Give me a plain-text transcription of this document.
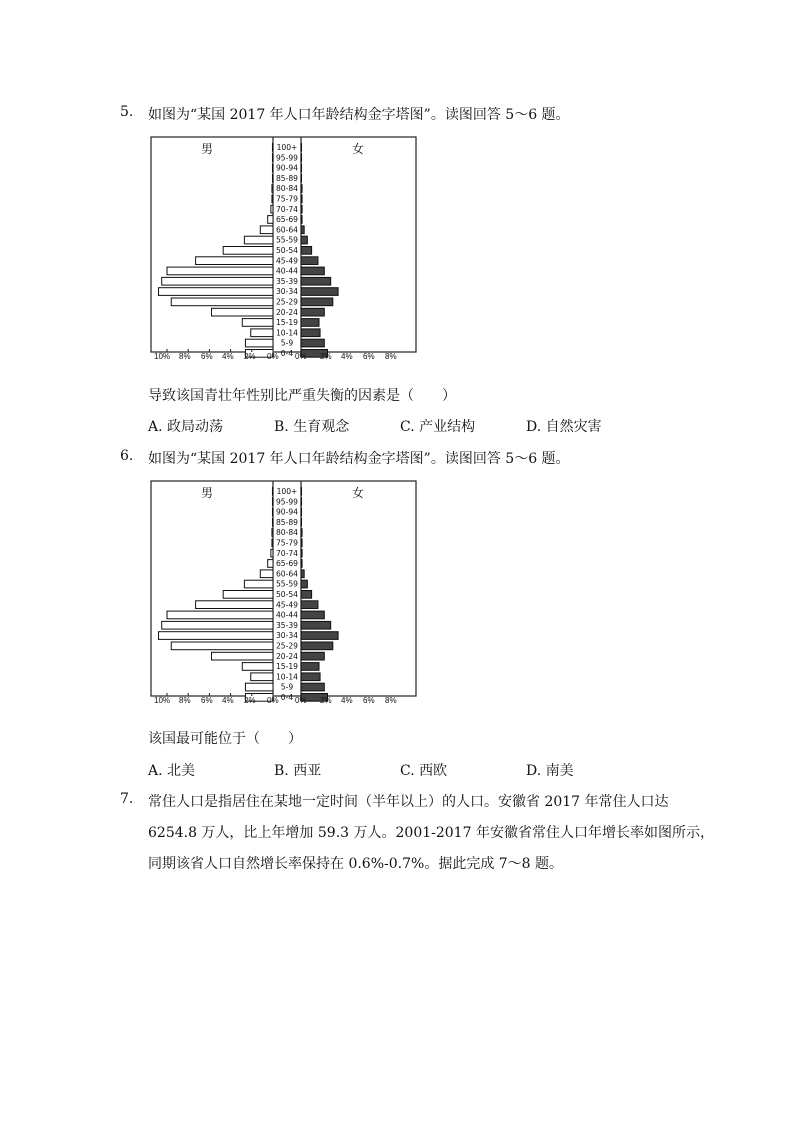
5. 如图为“某国 2017 年人口年龄结构金字塔图”。读图回答 5～6 题。
男	女
100+
95-99
90-94
85-89
80-84
75-79
70-74
65-69
60-64
55-59
50-54
45-49
40-44
35-39
30-34
25-29
20-24
15-19
10-14
5-9
0-4
导致该国青壮年性别比严重失衡的因素是（　　）
A. 政局动荡	B. 生育观念	C. 产业结构	D. 自然灾害
6. 如图为“某国 2017 年人口年龄结构金字塔图”。读图回答 5～6 题。
男	女
100+
95-99
90-94
85-89
80-84
75-79
70-74
65-69
60-64
55-59
50-54
45-49
40-44
35-39
30-34
25-29
20-24
15-19
10-14
5-9
0-4
该国最可能位于（　　）
A. 北美	B. 西亚	C. 西欧	D. 南美
7. 常住人口是指居住在某地一定时间（半年以上）的人口。安徽省 2017 年常住人口达
6254.8 万人，比上年增加 59.3 万人。2001-2017 年安徽省常住人口年增长率如图所示，
同期该省人口自然增长率保持在 0.6%-0.7%。据此完成 7～8 题。
10% 8% 6% 4% 2% 0% 0% 2% 4% 6% 8%
10% 8% 6% 4% 2% 0% 0% 2% 4% 6% 8%
